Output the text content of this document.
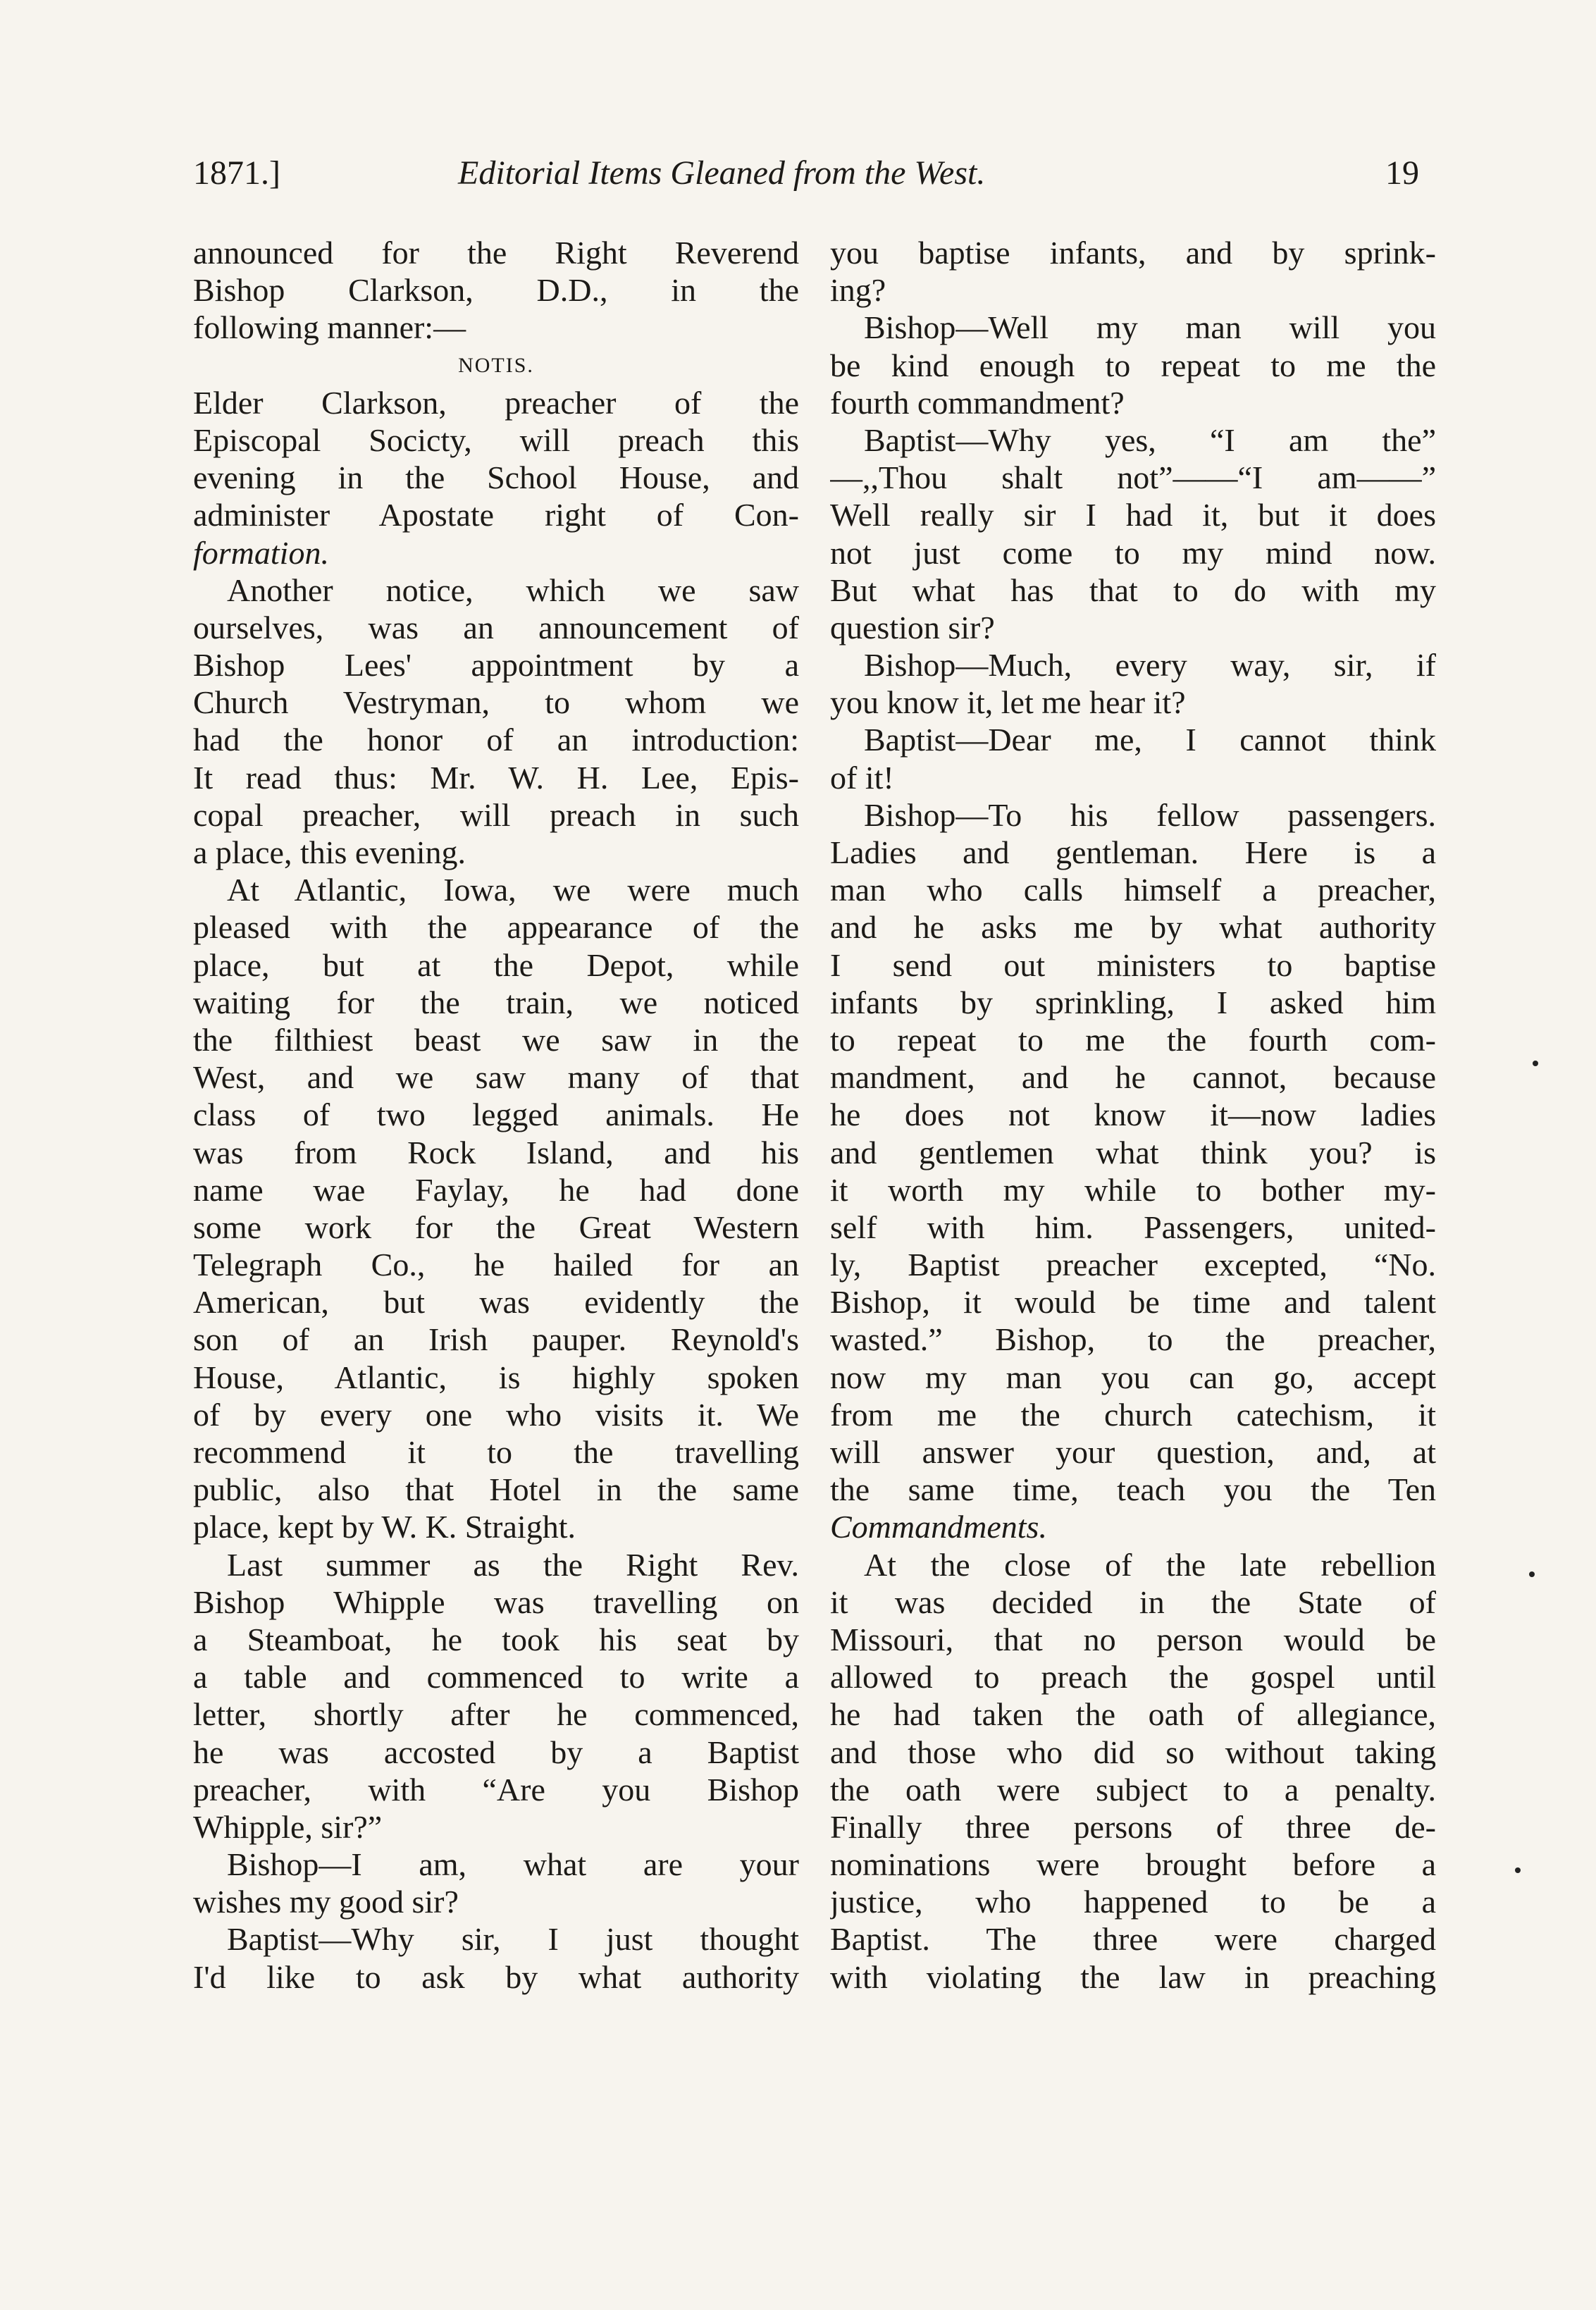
1871.]	Editorial Items Gleaned from the West.	19
announced for the Right Reverend
Bishop Clarkson, D.D., in the
following manner:—
NOTIS.
Elder Clarkson, preacher of the
Episcopal Socicty, will preach this
evening in the School House, and
administer Apostate right of Con-
formation.
Another notice, which we saw
ourselves, was an announcement of
Bishop Lees' appointment by a
Church Vestryman, to whom we
had the honor of an introduction:
It read thus: Mr. W. H. Lee, Epis-
copal preacher, will preach in such
a place, this evening.
At Atlantic, Iowa, we were much
pleased with the appearance of the
place, but at the Depot, while
waiting for the train, we noticed
the filthiest beast we saw in the
West, and we saw many of that
class of two legged animals. He
was from Rock Island, and his
name wae Faylay, he had done
some work for the Great Western
Telegraph Co., he hailed for an
American, but was evidently the
son of an Irish pauper. Reynold's
House, Atlantic, is highly spoken
of by every one who visits it. We
recommend it to the travelling
public, also that Hotel in the same
place, kept by W. K. Straight.
Last summer as the Right Rev.
Bishop Whipple was travelling on
a Steamboat, he took his seat by
a table and commenced to write a
letter, shortly after he commenced,
he was accosted by a Baptist
preacher, with “Are you Bishop
Whipple, sir?”
Bishop—I am, what are your
wishes my good sir?
Baptist—Why sir, I just thought
I'd like to ask by what authority
you baptise infants, and by sprink-
ing?
Bishop—Well my man will you
be kind enough to repeat to me the
fourth commandment?
Baptist—Why yes, “I am the”
—,,Thou shalt not”——“I am——”
Well really sir I had it, but it does
not just come to my mind now.
But what has that to do with my
question sir?
Bishop—Much, every way, sir, if
you know it, let me hear it?
Baptist—Dear me, I cannot think
of it!
Bishop—To his fellow passengers.
Ladies and gentleman. Here is a
man who calls himself a preacher,
and he asks me by what authority
I send out ministers to baptise
infants by sprinkling, I asked him
to repeat to me the fourth com-
mandment, and he cannot, because
he does not know it—now ladies
and gentlemen what think you? is
it worth my while to bother my-
self with him. Passengers, united-
ly, Baptist preacher excepted, “No.
Bishop, it would be time and talent
wasted.” Bishop, to the preacher,
now my man you can go, accept
from me the church catechism, it
will answer your question, and, at
the same time, teach you the Ten
Commandments.
At the close of the late rebellion
it was decided in the State of
Missouri, that no person would be
allowed to preach the gospel until
he had taken the oath of allegiance,
and those who did so without taking
the oath were subject to a penalty.
Finally three persons of three de-
nominations were brought before a
justice, who happened to be a
Baptist. The three were charged
with violating the law in preaching
